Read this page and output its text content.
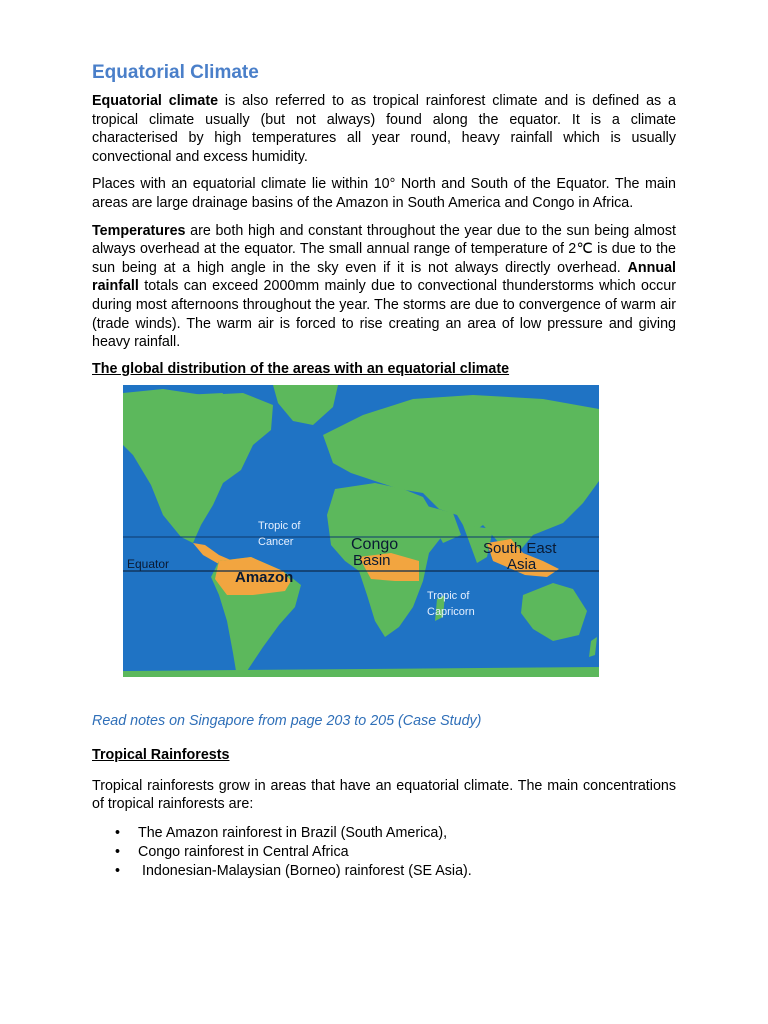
Equatorial Climate

Equatorial climate is also referred to as tropical rainforest climate and is defined as a tropical climate usually (but not always) found along the equator. It is a climate characterised by high temperatures all year round, heavy rainfall which is usually convectional and excess humidity.

Places with an equatorial climate lie within 10° North and South of the Equator. The main areas are large drainage basins of the Amazon in South America and Congo in Africa.

Temperatures are both high and constant throughout the year due to the sun being almost always overhead at the equator. The small annual range of temperature of 2℃ is due to the sun being at a high angle in the sky even if it is not always directly overhead. Annual rainfall totals can exceed 2000mm mainly due to convectional thunderstorms which occur during most afternoons throughout the year. The storms are due to convergence of warm air (trade winds). The warm air is forced to rise creating an area of low pressure and giving heavy rainfall.

The global distribution of the areas with an equatorial climate
Tropic of
Cancer
Equator
Amazon
Congo
Basin
South East
Asia
Tropic of
Capricorn
Read notes on Singapore from page 203 to 205 (Case Study)
Tropical Rainforests

Tropical rainforests grow in areas that have an equatorial climate. The main concentrations of tropical rainforests are:

• The Amazon rainforest in Brazil (South America),
• Congo rainforest in Central Africa
• Indonesian-Malaysian (Borneo) rainforest (SE Asia).
